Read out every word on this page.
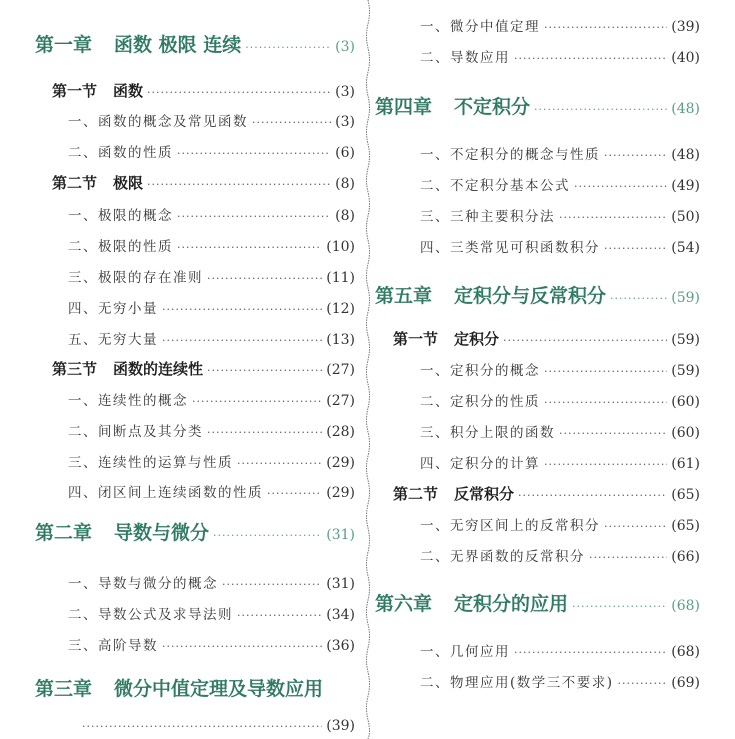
第一章 函数 极限 连续 ·····	(3)
第一节 函数 ·····	(3)
一、函数的概念及常见函数 ·····	(3)
二、函数的性质 ·····	(6)
第二节 极限 ·····	(8)
一、极限的概念 ·····	(8)
二、极限的性质 ·····	(10)
三、极限的存在准则 ·····	(11)
四、无穷小量 ·····	(12)
五、无穷大量 ·····	(13)
第三节 函数的连续性 ·····	(27)
一、连续性的概念 ·····	(27)
二、间断点及其分类 ·····	(28)
三、连续性的运算与性质 ·····	(29)
四、闭区间上连续函数的性质 ·····	(29)
第二章 导数与微分 ·····	(31)
一、导数与微分的概念 ·····	(31)
二、导数公式及求导法则 ·····	(34)
三、高阶导数 ·····	(36)
第三章 微分中值定理及导数应用
·····
(39)
一、微分中值定理 ·····	(39)
二、导数应用 ·····	(40)
第四章 不定积分 ·····	(48)
一、不定积分的概念与性质 ·····	(48)
二、不定积分基本公式 ·····	(49)
三、三种主要积分法 ·····	(50)
四、三类常见可积函数积分 ·····	(54)
第五章 定积分与反常积分 ·····	(59)
第一节 定积分 ·····	(59)
一、定积分的概念 ·····	(59)
二、定积分的性质 ·····	(60)
三、积分上限的函数 ·····	(60)
四、定积分的计算 ·····	(61)
第二节 反常积分 ·····	(65)
一、无穷区间上的反常积分 ·····	(65)
二、无界函数的反常积分 ·····	(66)
第六章 定积分的应用 ·····	(68)
一、几何应用 ·····	(68)
二、物理应用(数学三不要求) ·····	(69)
